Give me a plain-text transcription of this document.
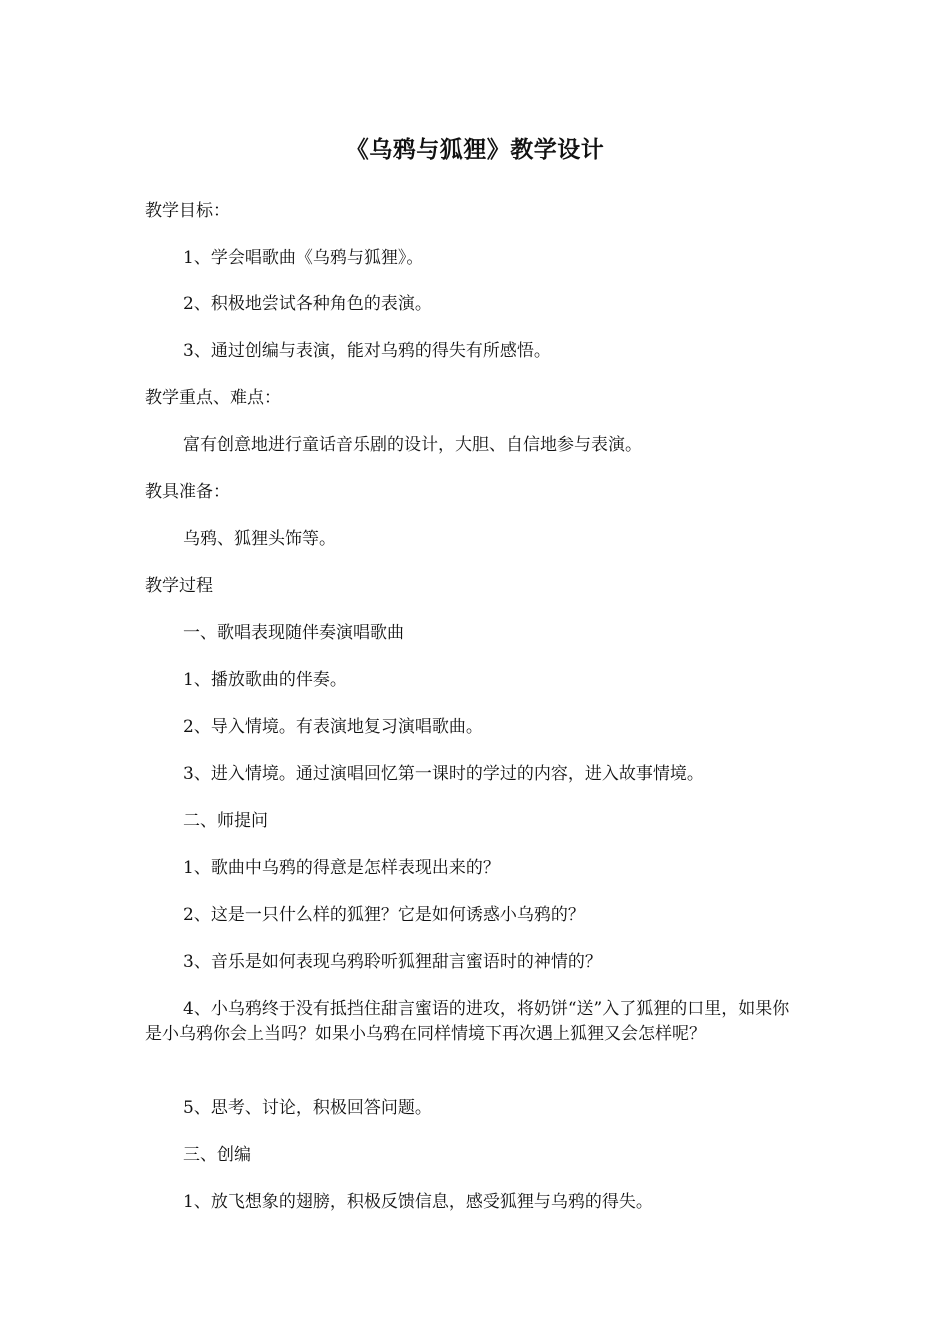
《乌鸦与狐狸》教学设计
教学目标：
1、学会唱歌曲《乌鸦与狐狸》。
2、积极地尝试各种角色的表演。
3、通过创编与表演，能对乌鸦的得失有所感悟。
教学重点、难点：
富有创意地进行童话音乐剧的设计，大胆、自信地参与表演。
教具准备：
乌鸦、狐狸头饰等。
教学过程
一、歌唱表现随伴奏演唱歌曲
1、播放歌曲的伴奏。
2、导入情境。有表演地复习演唱歌曲。
3、进入情境。通过演唱回忆第一课时的学过的内容，进入故事情境。
二、师提问
1、歌曲中乌鸦的得意是怎样表现出来的？
2、这是一只什么样的狐狸？它是如何诱惑小乌鸦的？
3、音乐是如何表现乌鸦聆听狐狸甜言蜜语时的神情的？
4、小乌鸦终于没有抵挡住甜言蜜语的进攻，将奶饼“送”入了狐狸的口里，如果你是小乌鸦你会上当吗？如果小乌鸦在同样情境下再次遇上狐狸又会怎样呢？
5、思考、讨论，积极回答问题。
三、创编
1、放飞想象的翅膀，积极反馈信息，感受狐狸与乌鸦的得失。
